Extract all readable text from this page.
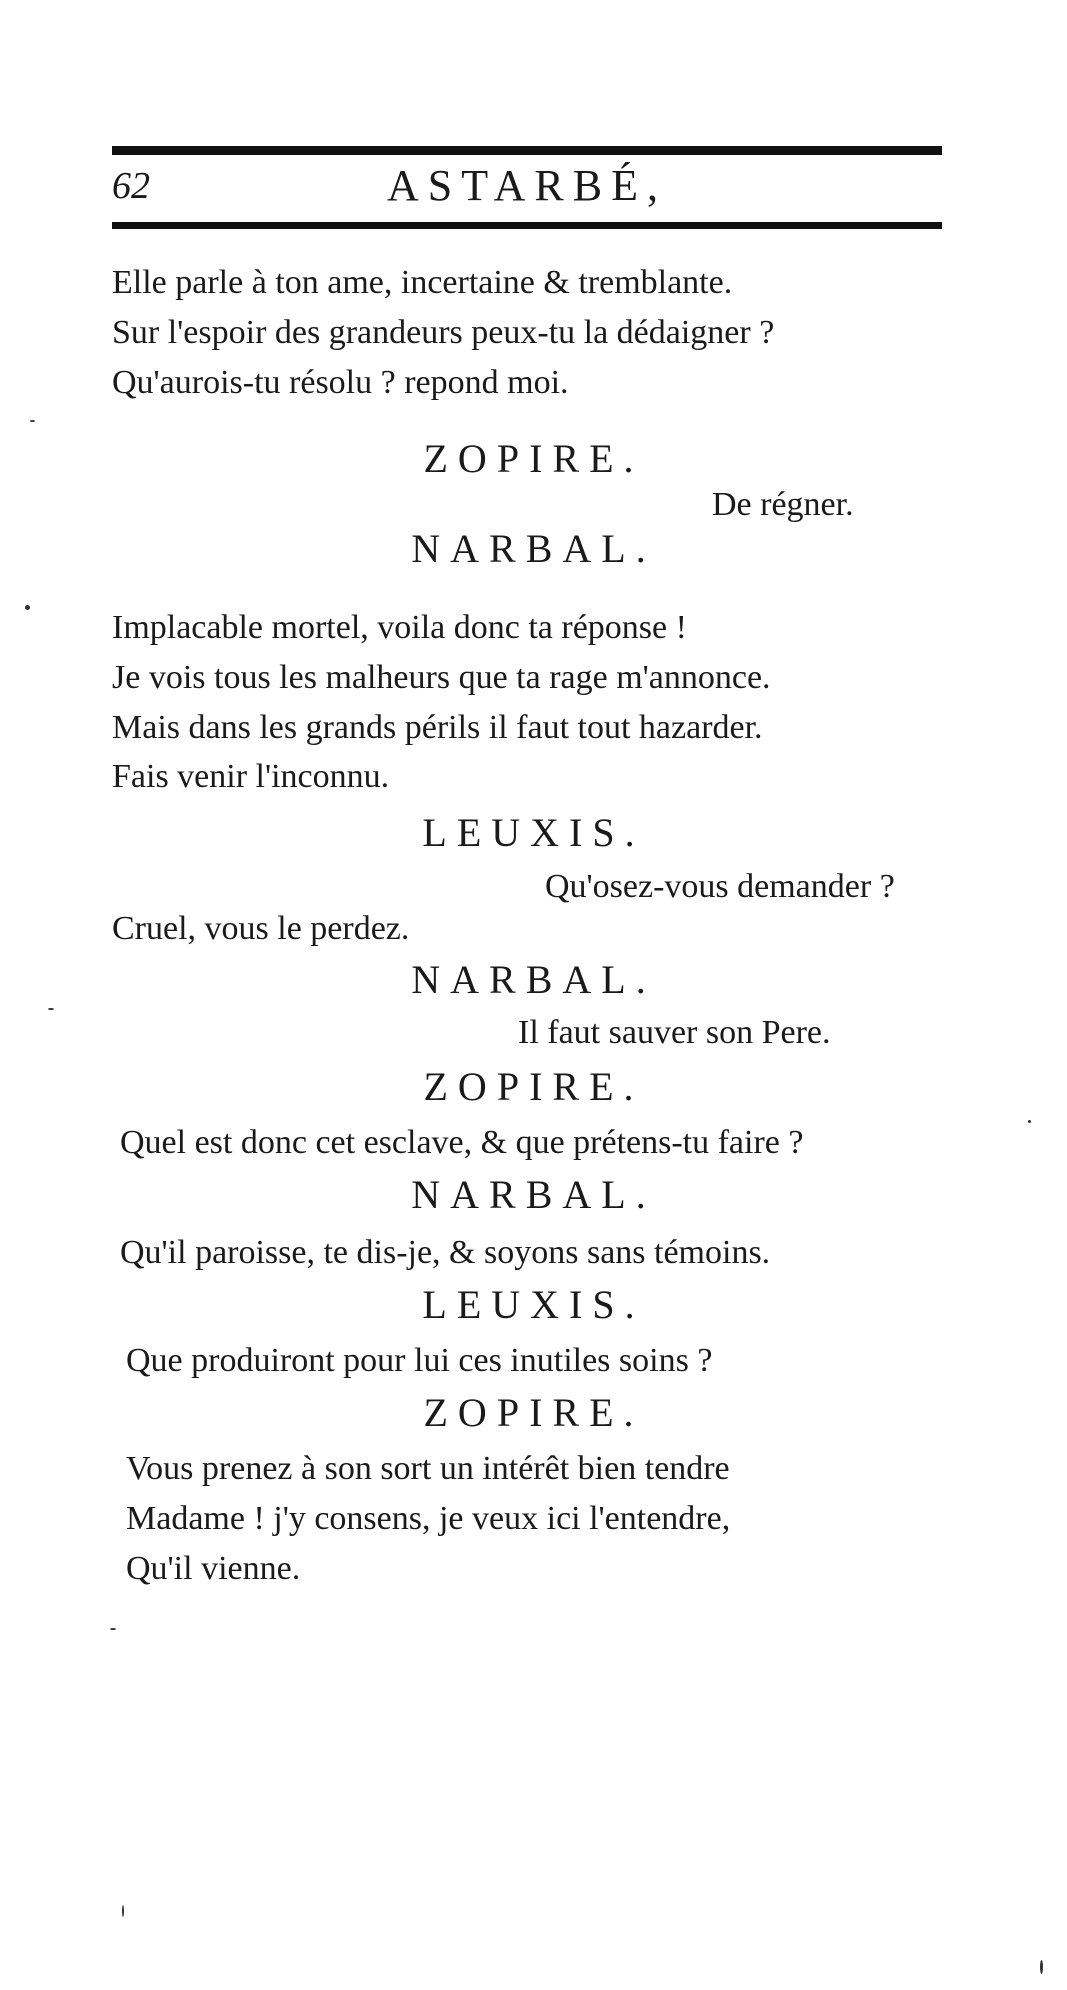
62	ASTARBÉ,
Elle parle à ton ame, incertaine & tremblante.
Sur l'espoir des grandeurs peux-tu la dédaigner ?
Qu'aurois-tu résolu ? repond moi.
ZOPIRE.
De régner.
NARBAL.
Implacable mortel, voila donc ta réponse !
Je vois tous les malheurs que ta rage m'annonce.
Mais dans les grands périls il faut tout hazarder.
Fais venir l'inconnu.
LEUXIS.
Qu'osez-vous demander ?
Cruel, vous le perdez.
NARBAL.
Il faut sauver son Pere.
ZOPIRE.
Quel est donc cet esclave, & que prétens-tu faire ?
NARBAL.
Qu'il paroisse, te dis-je, & soyons sans témoins.
LEUXIS.
Que produiront pour lui ces inutiles soins ?
ZOPIRE.
Vous prenez à son sort un intérêt bien tendre
Madame ! j'y consens, je veux ici l'entendre,
Qu'il vienne.
